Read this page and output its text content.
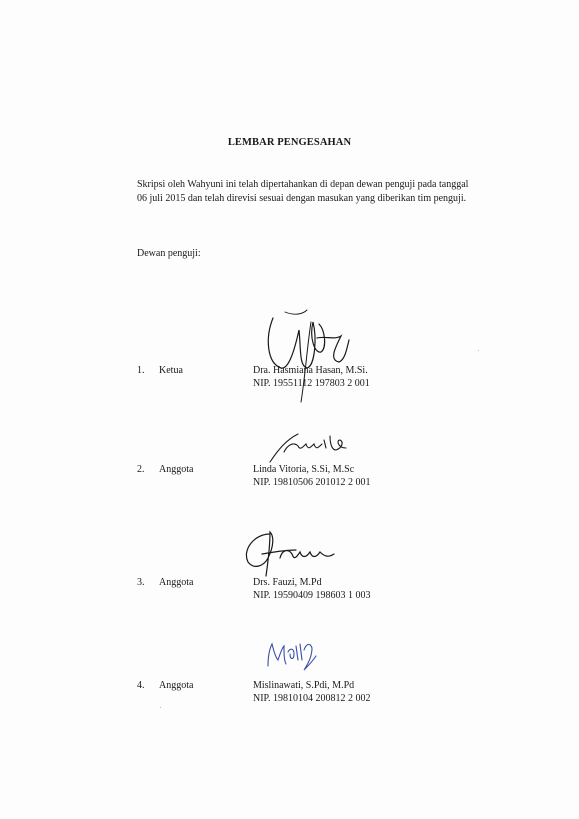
LEMBAR PENGESAHAN
Skripsi oleh Wahyuni ini telah dipertahankan di depan dewan penguji pada tanggal
06 juli 2015 dan telah direvisi sesuai dengan masukan yang diberikan tim penguji.
Dewan penguji:
1. Ketua	Dra. Hasmiana Hasan, M.Si.
NIP. 19551112 197803 2 001
2. Anggota	Linda Vitoria, S.Si, M.Sc
NIP. 19810506 201012 2 001
3. Anggota	Drs. Fauzi, M.Pd
NIP. 19590409 198603 1 003
4. Anggota	Mislinawati, S.Pdi, M.Pd
NIP. 19810104 200812 2 002
